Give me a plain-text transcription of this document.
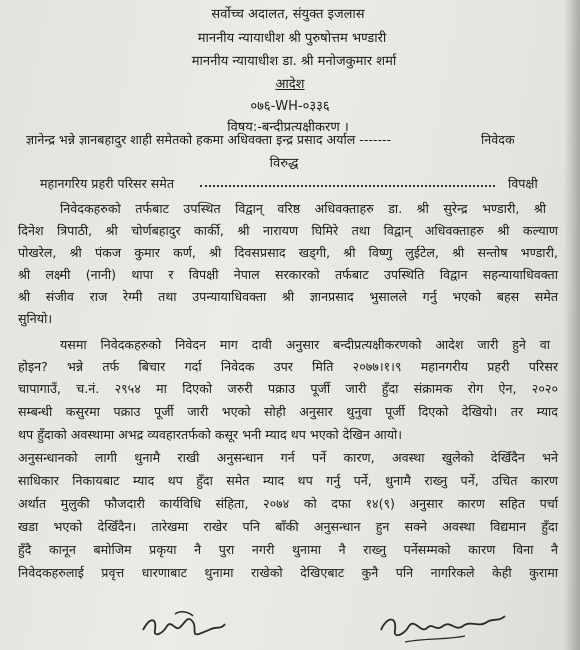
सर्वोच्च अदालत, संयुक्त इजलास
माननीय न्यायाधीश श्री पुरुषोत्तम भण्डारी
माननीय न्यायाधीश डा. श्री मनोजकुमार शर्मा
आदेश
०७६-WH-०३३६
विषय:-बन्दीप्रत्यक्षीकरण ।
ज्ञानेन्द्र भन्ने ज्ञानबहादुर शाही समेतको हकमा अधिवक्ता इन्द्र प्रसाद अर्याल -------	निवेदक
विरुद्ध
महानगरिय प्रहरी परिसर समेत	विपक्षी
निवेदकहरुको तर्फबाट उपस्थित विद्वान् वरिष्ठ अधिवक्ताहरु डा. श्री सुरेन्द्र भण्डारी, श्री
दिनेश त्रिपाठी, श्री चोर्णबहादुर कार्की, श्री नारायण घिमिरे तथा विद्वान् अधिवक्ताहरु श्री कल्याण
पोखरेल, श्री पंकज कुमार कर्ण, श्री दिवसप्रसाद खड्गी, श्री विष्णु लुईटेल, श्री सन्तोष भण्डारी,
श्री लक्ष्मी (नानी) थापा र विपक्षी नेपाल सरकारको तर्फबाट उपस्थिति विद्वान सहन्यायाधिवक्ता
श्री संजीव राज रेग्मी तथा उपन्यायाधिवक्ता श्री ज्ञानप्रसाद भुसालले गर्नु भएको बहस समेत
सुनियो।
यसमा निवेदकहरुको निवेदन माग दावी अनुसार बन्दीप्रत्यक्षीकरणको आदेश जारी हुने वा
होइन? भन्ने तर्फ बिचार गर्दा निवेदक उपर मिति २०७७।१।९ महानगरीय प्रहरी परिसर
चापागाउँ, च.नं. २९५४ मा दिएको जरुरी पक्राउ पूर्जी जारी हुँदा संक्रामक रोग ऐन, २०२०
सम्बन्धी कसुरमा पक्राउ पूर्जी जारी भएको सोही अनुसार थुनुवा पूर्जी दिएको देखियो। तर म्याद
थप हुँदाको अवस्थामा अभद्र व्यवहारतर्फको कसूर भनी म्याद थप भएको देखिन आयो।
अनुसन्धानको लागी थुनामै राखी अनुसन्धान गर्न पर्ने कारण, अवस्था खुलेको देखिँदैन भने
साधिकार निकायबाट म्याद थप हुँदा समेत म्याद थप गर्नु पर्ने, थुनामै राख्नु पर्ने, उचित कारण
अर्थात मुलुकी फौजदारी कार्यविधि संहिता, २०७४ को दफा १४(९) अनुसार कारण सहित पर्चा
खडा भएको देखिँदैन। तारेखमा राखेर पनि बाँकी अनुसन्धान हुन सक्ने अवस्था विद्यमान हुँदा
हुँदै कानून बमोजिम प्रकृया नै पुरा नगरी थुनामा नै राख्नु पर्नेसम्मको कारण विना नै
निवेदकहरुलाई प्रवृत्त धारणाबाट थुनामा राखेको देखिएबाट कुनै पनि नागरिकले केही कुरामा
